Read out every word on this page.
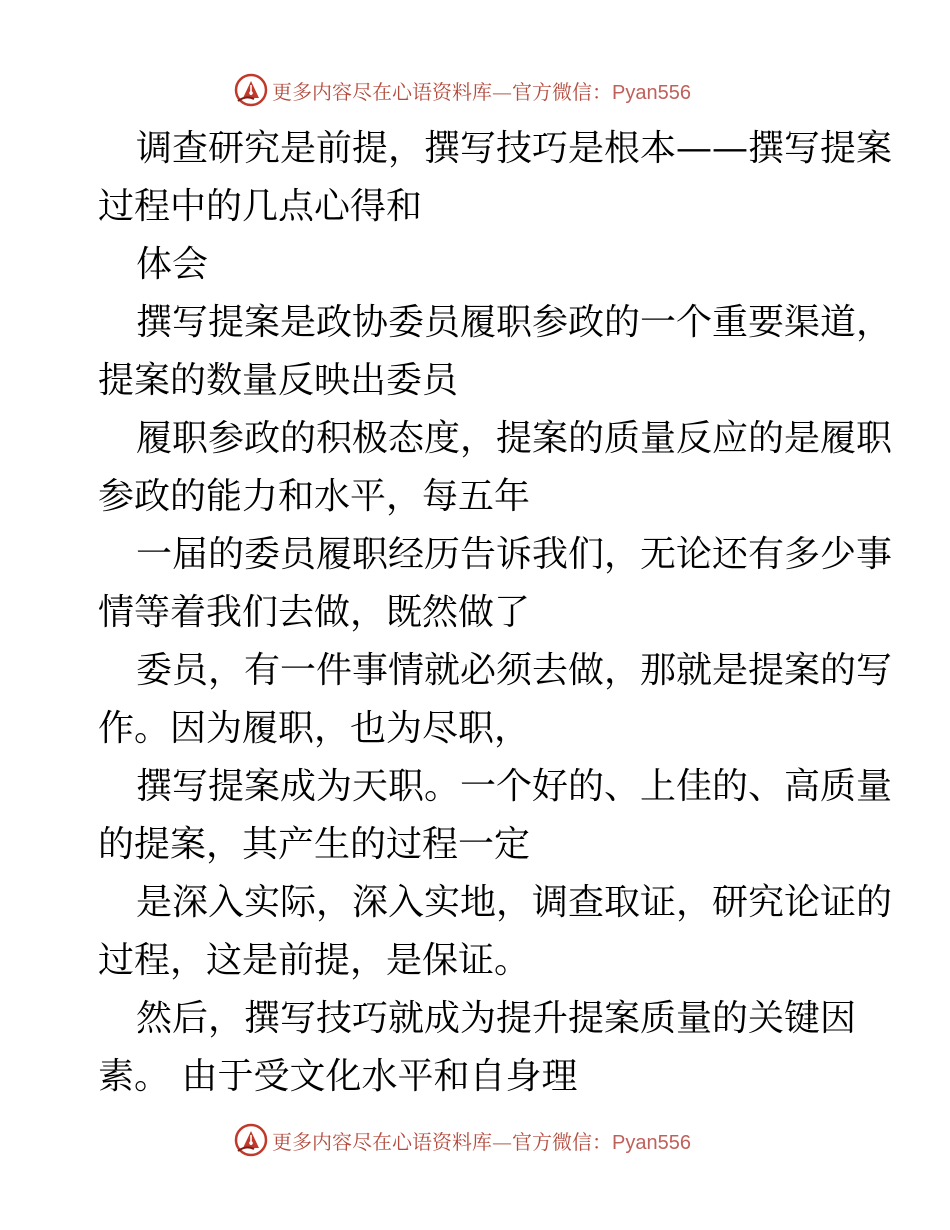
更多内容尽在心语资料库—官方微信：Pyan556
调查研究是前提，撰写技巧是根本——撰写提案
过程中的几点心得和
体会
撰写提案是政协委员履职参政的一个重要渠道，
提案的数量反映出委员
履职参政的积极态度，提案的质量反应的是履职
参政的能力和水平，每五年
一届的委员履职经历告诉我们，无论还有多少事
情等着我们去做，既然做了
委员，有一件事情就必须去做，那就是提案的写
作。因为履职，也为尽职，
撰写提案成为天职。一个好的、上佳的、高质量
的提案，其产生的过程一定
是深入实际，深入实地，调查取证，研究论证的
过程，这是前提，是保证。
然后，撰写技巧就成为提升提案质量的关键因
素。 由于受文化水平和自身理
更多内容尽在心语资料库—官方微信：Pyan556
